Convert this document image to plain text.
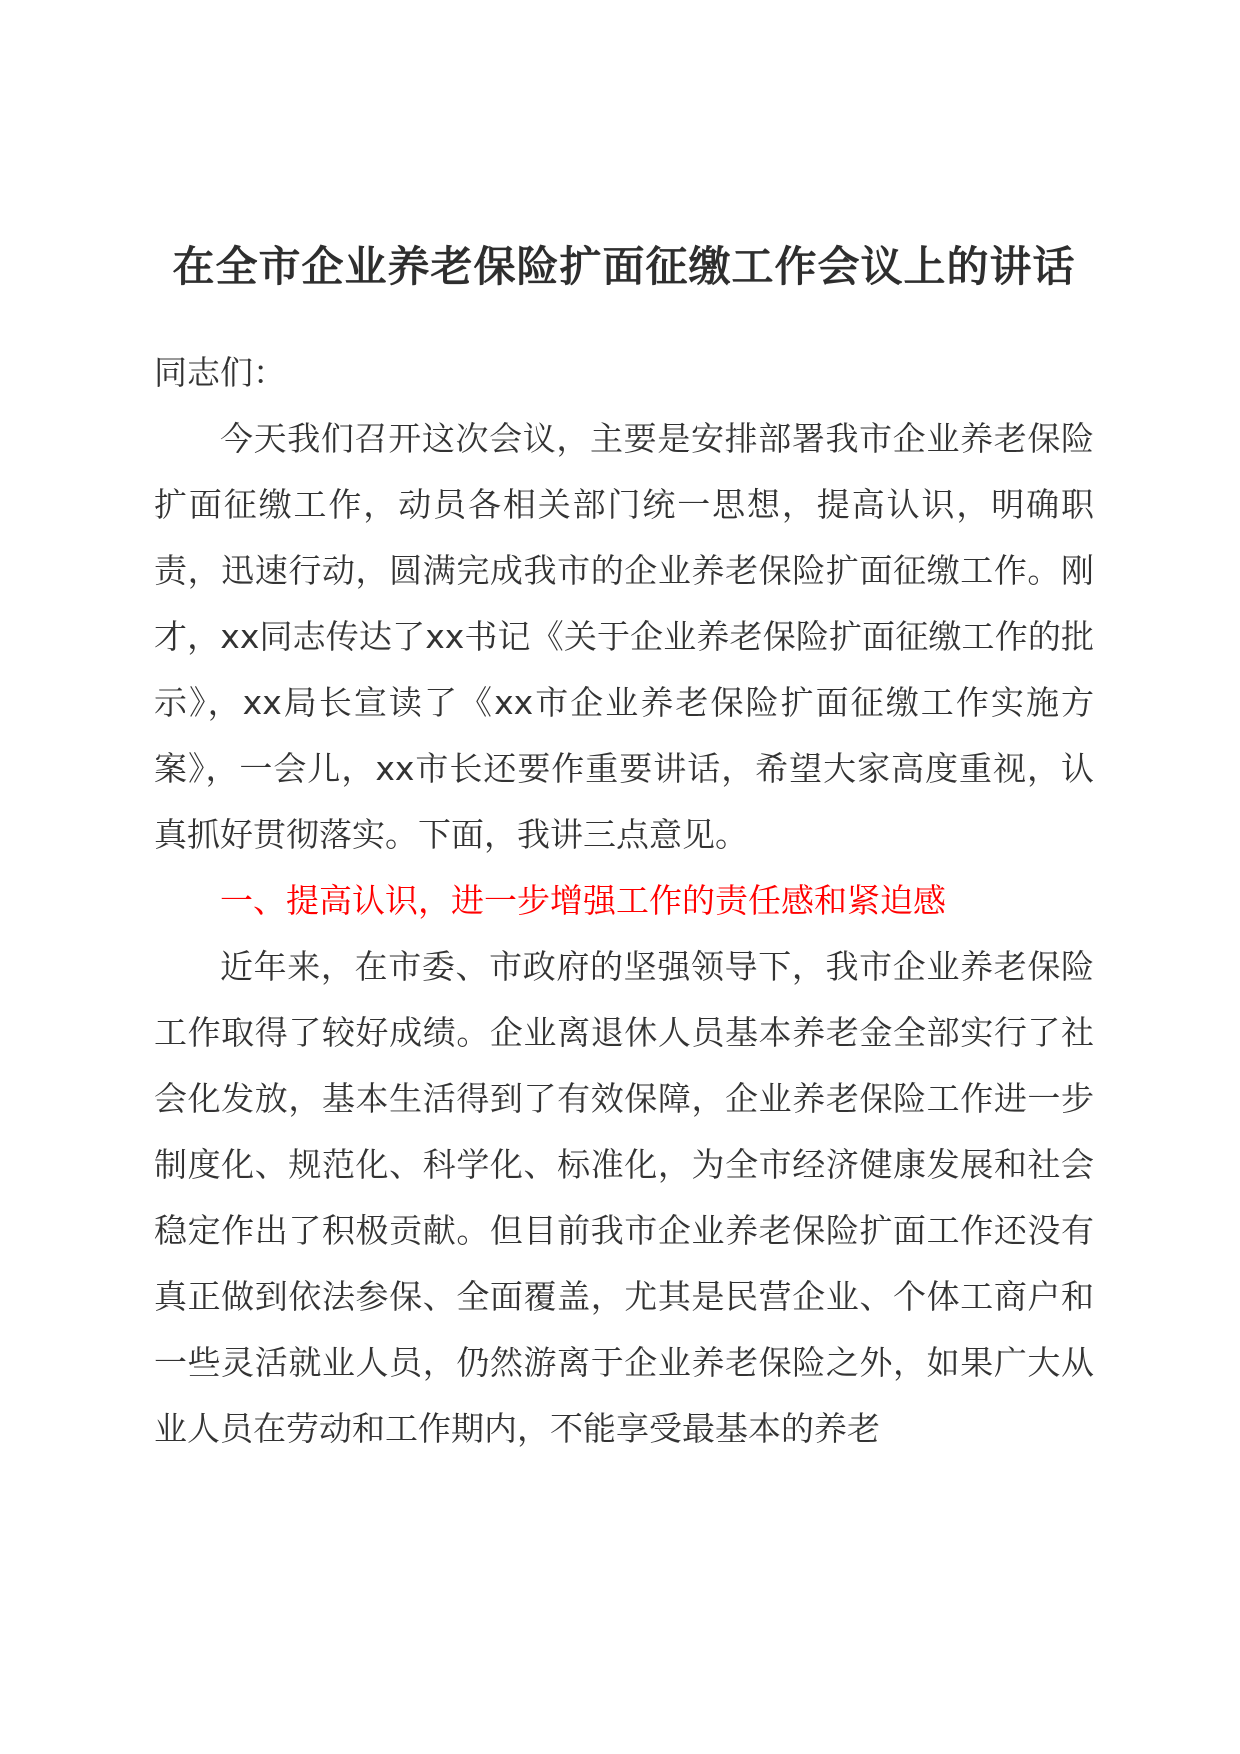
在全市企业养老保险扩面征缴工作会议上的讲话

同志们：

今天我们召开这次会议，主要是安排部署我市企业养老保险扩面征缴工作，动员各相关部门统一思想，提高认识，明确职责，迅速行动，圆满完成我市的企业养老保险扩面征缴工作。刚才，xx同志传达了xx书记《关于企业养老保险扩面征缴工作的批示》，xx局长宣读了《xx市企业养老保险扩面征缴工作实施方案》，一会儿，xx市长还要作重要讲话，希望大家高度重视，认真抓好贯彻落实。下面，我讲三点意见。

一、提高认识，进一步增强工作的责任感和紧迫感

近年来，在市委、市政府的坚强领导下，我市企业养老保险工作取得了较好成绩。企业离退休人员基本养老金全部实行了社会化发放，基本生活得到了有效保障，企业养老保险工作进一步制度化、规范化、科学化、标准化，为全市经济健康发展和社会稳定作出了积极贡献。但目前我市企业养老保险扩面工作还没有真正做到依法参保、全面覆盖，尤其是民营企业、个体工商户和一些灵活就业人员，仍然游离于企业养老保险之外，如果广大从业人员在劳动和工作期内，不能享受最基本的养老
